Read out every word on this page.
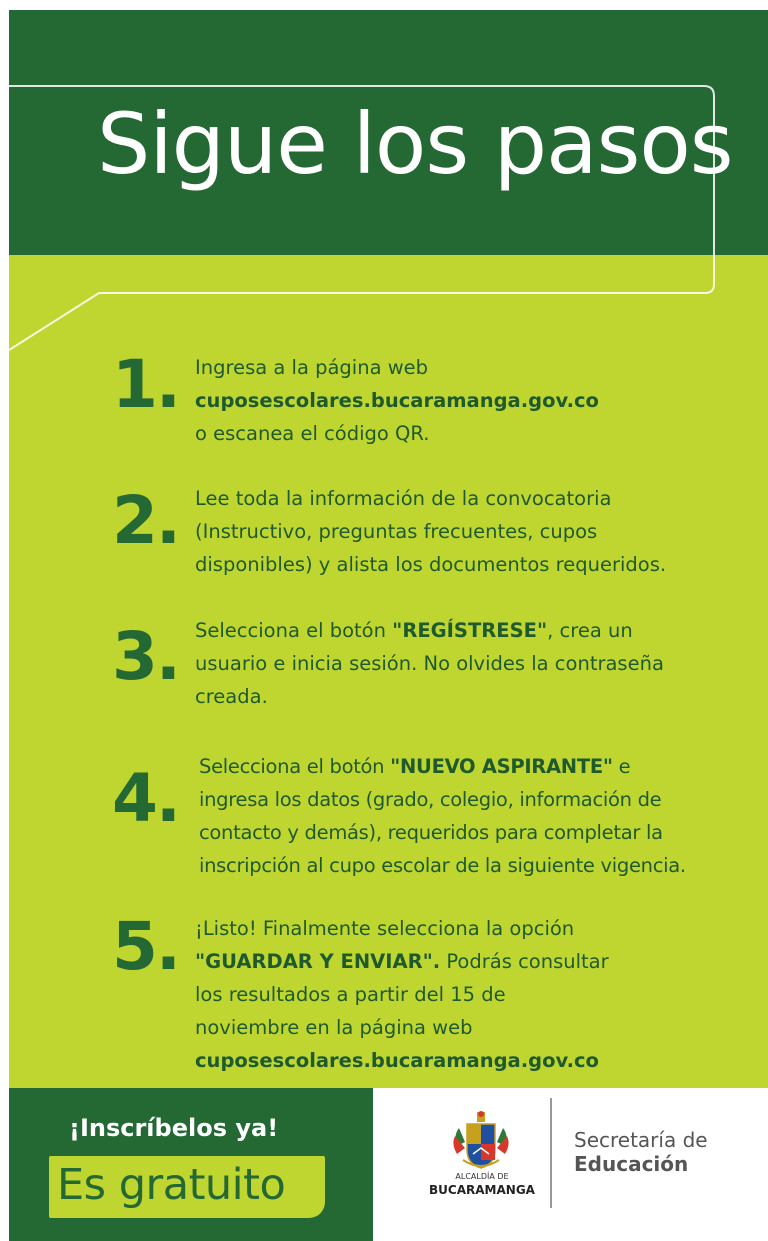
Sigue los pasos
1. Ingresa a la página web
cuposescolares.bucaramanga.gov.co
o escanea el código QR.
2. Lee toda la información de la convocatoria
(Instructivo, preguntas frecuentes, cupos
disponibles) y alista los documentos requeridos.
3. Selecciona el botón "REGÍSTRESE", crea un
usuario e inicia sesión. No olvides la contraseña
creada.
4. Selecciona el botón "NUEVO ASPIRANTE" e
ingresa los datos (grado, colegio, información de
contacto y demás), requeridos para completar la
inscripción al cupo escolar de la siguiente vigencia.
5. ¡Listo! Finalmente selecciona la opción
"GUARDAR Y ENVIAR". Podrás consultar
los resultados a partir del 15 de
noviembre en la página web
cuposescolares.bucaramanga.gov.co

¡Inscríbelos ya!

Es gratuito	ALCALDÍA DE
BUCARAMANGA
Secretaría de
Educación
